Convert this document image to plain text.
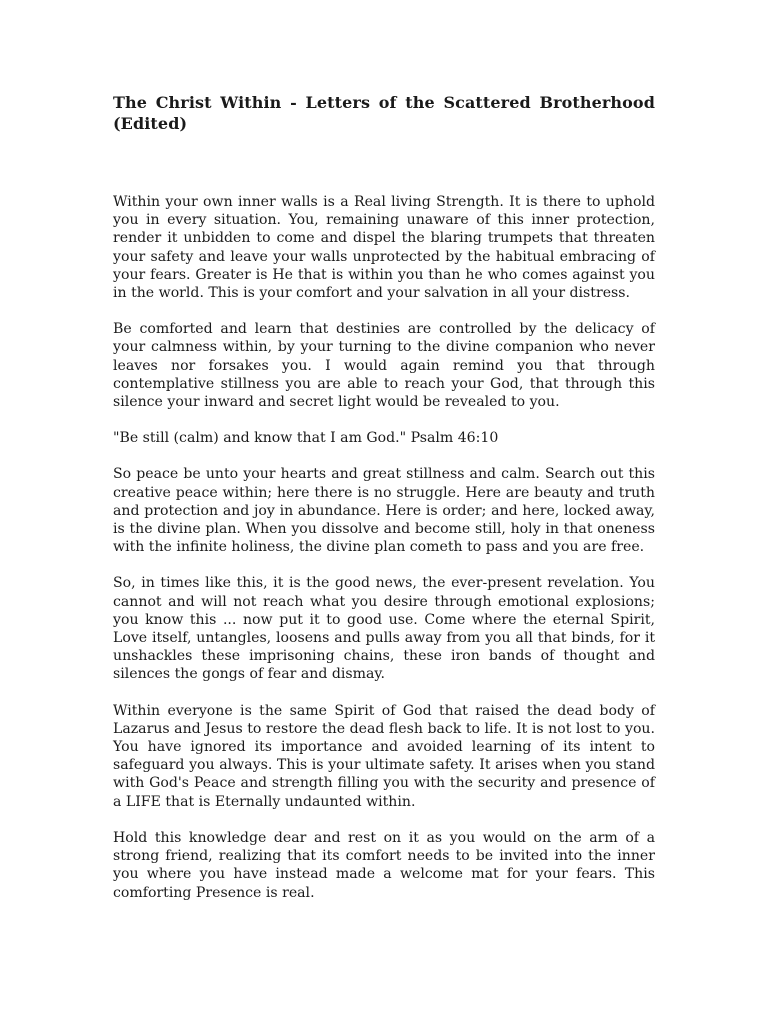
The Christ Within - Letters of the Scattered Brotherhood (Edited)

Within your own inner walls is a Real living Strength. It is there to uphold you in every situation. You, remaining unaware of this inner protection, render it unbidden to come and dispel the blaring trumpets that threaten your safety and leave your walls unprotected by the habitual embracing of your fears. Greater is He that is within you than he who comes against you in the world. This is your comfort and your salvation in all your distress.

Be comforted and learn that destinies are controlled by the delicacy of your calmness within, by your turning to the divine companion who never leaves nor forsakes you. I would again remind you that through contemplative stillness you are able to reach your God, that through this silence your inward and secret light would be revealed to you.

"Be still (calm) and know that I am God." Psalm 46:10

So peace be unto your hearts and great stillness and calm. Search out this creative peace within; here there is no struggle. Here are beauty and truth and protection and joy in abundance. Here is order; and here, locked away, is the divine plan. When you dissolve and become still, holy in that oneness with the infinite holiness, the divine plan cometh to pass and you are free.

So, in times like this, it is the good news, the ever-present revelation. You cannot and will not reach what you desire through emotional explosions; you know this ... now put it to good use. Come where the eternal Spirit, Love itself, untangles, loosens and pulls away from you all that binds, for it unshackles these imprisoning chains, these iron bands of thought and silences the gongs of fear and dismay.

Within everyone is the same Spirit of God that raised the dead body of Lazarus and Jesus to restore the dead flesh back to life. It is not lost to you. You have ignored its importance and avoided learning of its intent to safeguard you always. This is your ultimate safety. It arises when you stand with God's Peace and strength filling you with the security and presence of a LIFE that is Eternally undaunted within.

Hold this knowledge dear and rest on it as you would on the arm of a strong friend, realizing that its comfort needs to be invited into the inner you where you have instead made a welcome mat for your fears. This comforting Presence is real.
